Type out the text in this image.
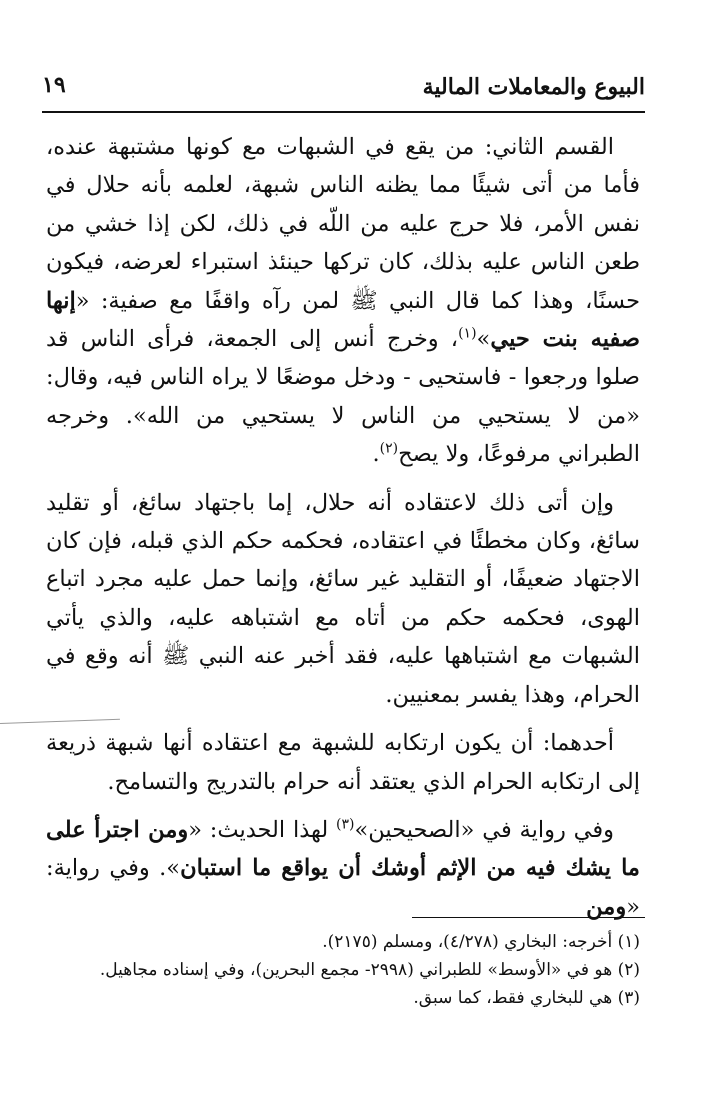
البيوع والمعاملات المالية
١٩

القسم الثاني: من يقع في الشبهات مع كونها مشتبهة عنده، فأما من أتى شيئًا مما يظنه الناس شبهة، لعلمه بأنه حلال في نفس الأمر، فلا حرج عليه من اللّه في ذلك، لكن إذا خشي من طعن الناس عليه بذلك، كان تركها حينئذ استبراء لعرضه، فيكون حسنًا، وهذا كما قال النبي ﷺ لمن رآه واقفًا مع صفية: «إنها صفيه بنت حيي»$^{(١)}$، وخرج أنس إلى الجمعة، فرأى الناس قد صلوا ورجعوا - فاستحيى - ودخل موضعًا لا يراه الناس فيه، وقال: «من لا يستحيي من الناس لا يستحيي من الله». وخرجه الطبراني مرفوعًا، ولا يصح$^{(٢)}$.

وإن أتى ذلك لاعتقاده أنه حلال، إما باجتهاد سائغ، أو تقليد سائغ، وكان مخطئًا في اعتقاده، فحكمه حكم الذي قبله، فإن كان الاجتهاد ضعيفًا، أو التقليد غير سائغ، وإنما حمل عليه مجرد اتباع الهوى، فحكمه حكم من أتاه مع اشتباهه عليه، والذي يأتي الشبهات مع اشتباهها عليه، فقد أخبر عنه النبي ﷺ أنه وقع في الحرام، وهذا يفسر بمعنيين.

أحدهما: أن يكون ارتكابه للشبهة مع اعتقاده أنها شبهة ذريعة إلى ارتكابه الحرام الذي يعتقد أنه حرام بالتدريج والتسامح.

وفي رواية في «الصحيحين»$^{(٣)}$ لهذا الحديث: «ومن اجترأ على ما يشك فيه من الإثم أوشك أن يواقع ما استبان». وفي رواية: «ومن

(١) أخرجه: البخاري (٤/٢٧٨)، ومسلم (٢١٧٥).

(٢) هو في «الأوسط» للطبراني (٢٩٩٨- مجمع البحرين)، وفي إسناده مجاهيل.

(٣) هي للبخاري فقط، كما سبق.
